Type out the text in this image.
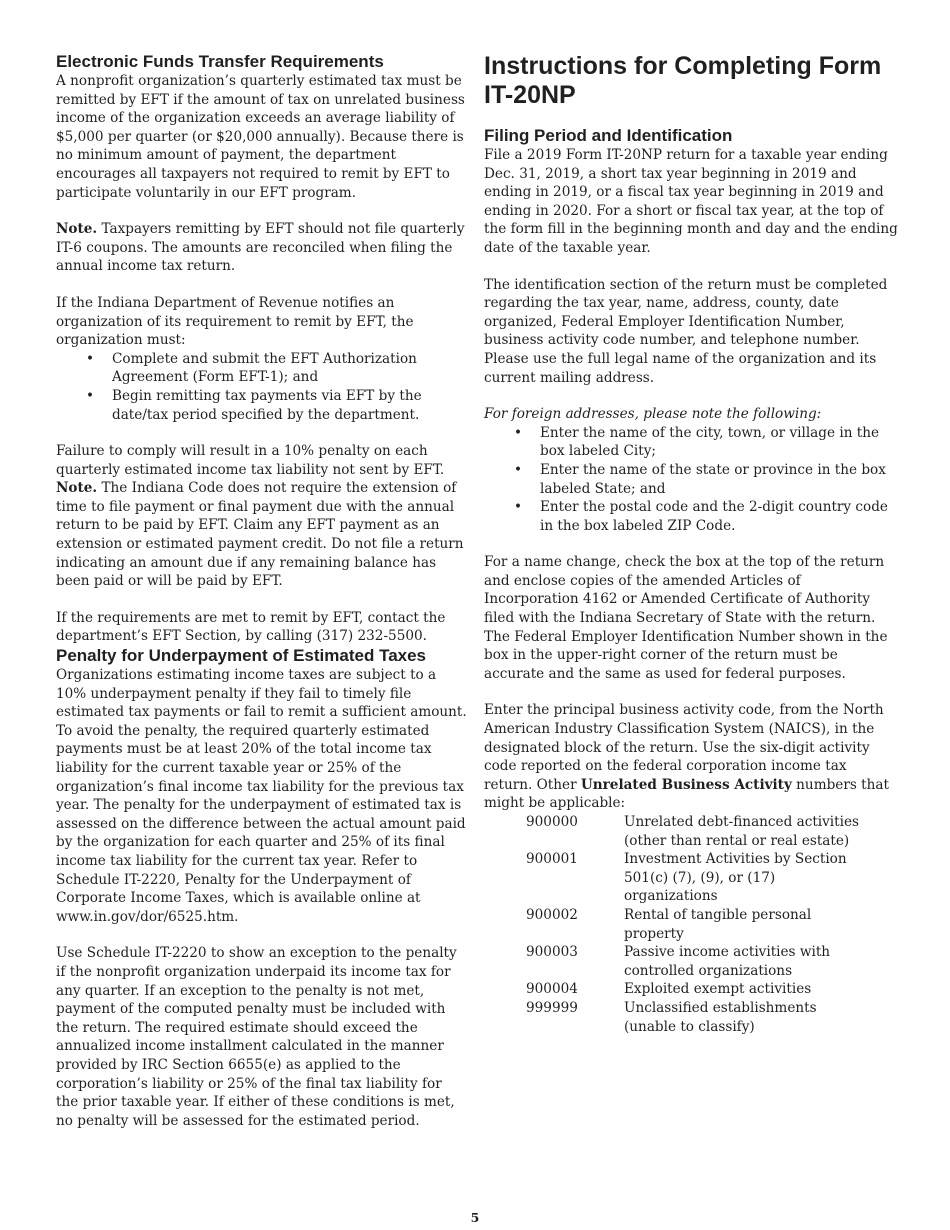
Electronic Funds Transfer Requirements

A nonprofit organization’s quarterly estimated tax must be remitted by EFT if the amount of tax on unrelated business income of the organization exceeds an average liability of $5,000 per quarter (or $20,000 annually). Because there is no minimum amount of payment, the department encourages all taxpayers not required to remit by EFT to participate voluntarily in our EFT program.

Note. Taxpayers remitting by EFT should not file quarterly IT-6 coupons. The amounts are reconciled when filing the annual income tax return.

If the Indiana Department of Revenue notifies an organization of its requirement to remit by EFT, the organization must:

• Complete and submit the EFT Authorization Agreement (Form EFT-1); and
• Begin remitting tax payments via EFT by the date/tax period specified by the department.

Failure to comply will result in a 10% penalty on each quarterly estimated income tax liability not sent by EFT. Note. The Indiana Code does not require the extension of time to file payment or final payment due with the annual return to be paid by EFT. Claim any EFT payment as an extension or estimated payment credit. Do not file a return indicating an amount due if any remaining balance has been paid or will be paid by EFT.

If the requirements are met to remit by EFT, contact the department’s EFT Section, by calling (317) 232-5500.

Penalty for Underpayment of Estimated Taxes

Organizations estimating income taxes are subject to a 10% underpayment penalty if they fail to timely file estimated tax payments or fail to remit a sufficient amount. To avoid the penalty, the required quarterly estimated payments must be at least 20% of the total income tax liability for the current taxable year or 25% of the organization’s final income tax liability for the previous tax year. The penalty for the underpayment of estimated tax is assessed on the difference between the actual amount paid by the organization for each quarter and 25% of its final income tax liability for the current tax year. Refer to Schedule IT-2220, Penalty for the Underpayment of Corporate Income Taxes, which is available online at www.in.gov/dor/6525.htm.

Use Schedule IT-2220 to show an exception to the penalty if the nonprofit organization underpaid its income tax for any quarter. If an exception to the penalty is not met, payment of the computed penalty must be included with the return. The required estimate should exceed the annualized income installment calculated in the manner provided by IRC Section 6655(e) as applied to the corporation’s liability or 25% of the final tax liability for the prior taxable year. If either of these conditions is met, no penalty will be assessed for the estimated period.

Instructions for Completing Form IT-20NP
Filing Period and Identification

File a 2019 Form IT-20NP return for a taxable year ending Dec. 31, 2019, a short tax year beginning in 2019 and ending in 2019, or a fiscal tax year beginning in 2019 and ending in 2020. For a short or fiscal tax year, at the top of the form fill in the beginning month and day and the ending date of the taxable year.

The identification section of the return must be completed regarding the tax year, name, address, county, date organized, Federal Employer Identification Number, business activity code number, and telephone number. Please use the full legal name of the organization and its current mailing address.

For foreign addresses, please note the following:

• Enter the name of the city, town, or village in the box labeled City;
• Enter the name of the state or province in the box labeled State; and
• Enter the postal code and the 2-digit country code in the box labeled ZIP Code.

For a name change, check the box at the top of the return and enclose copies of the amended Articles of Incorporation 4162 or Amended Certificate of Authority filed with the Indiana Secretary of State with the return. The Federal Employer Identification Number shown in the box in the upper-right corner of the return must be accurate and the same as used for federal purposes.

Enter the principal business activity code, from the North American Industry Classification System (NAICS), in the designated block of the return. Use the six-digit activity code reported on the federal corporation income tax return. Other Unrelated Business Activity numbers that might be applicable:

900000	Unrelated debt-financed activities (other than rental or real estate)
900001	Investment Activities by Section 501(c) (7), (9), or (17) organizations
900002	Rental of tangible personal property
900003	Passive income activities with controlled organizations
900004	Exploited exempt activities
999999	Unclassified establishments (unable to classify)
5
